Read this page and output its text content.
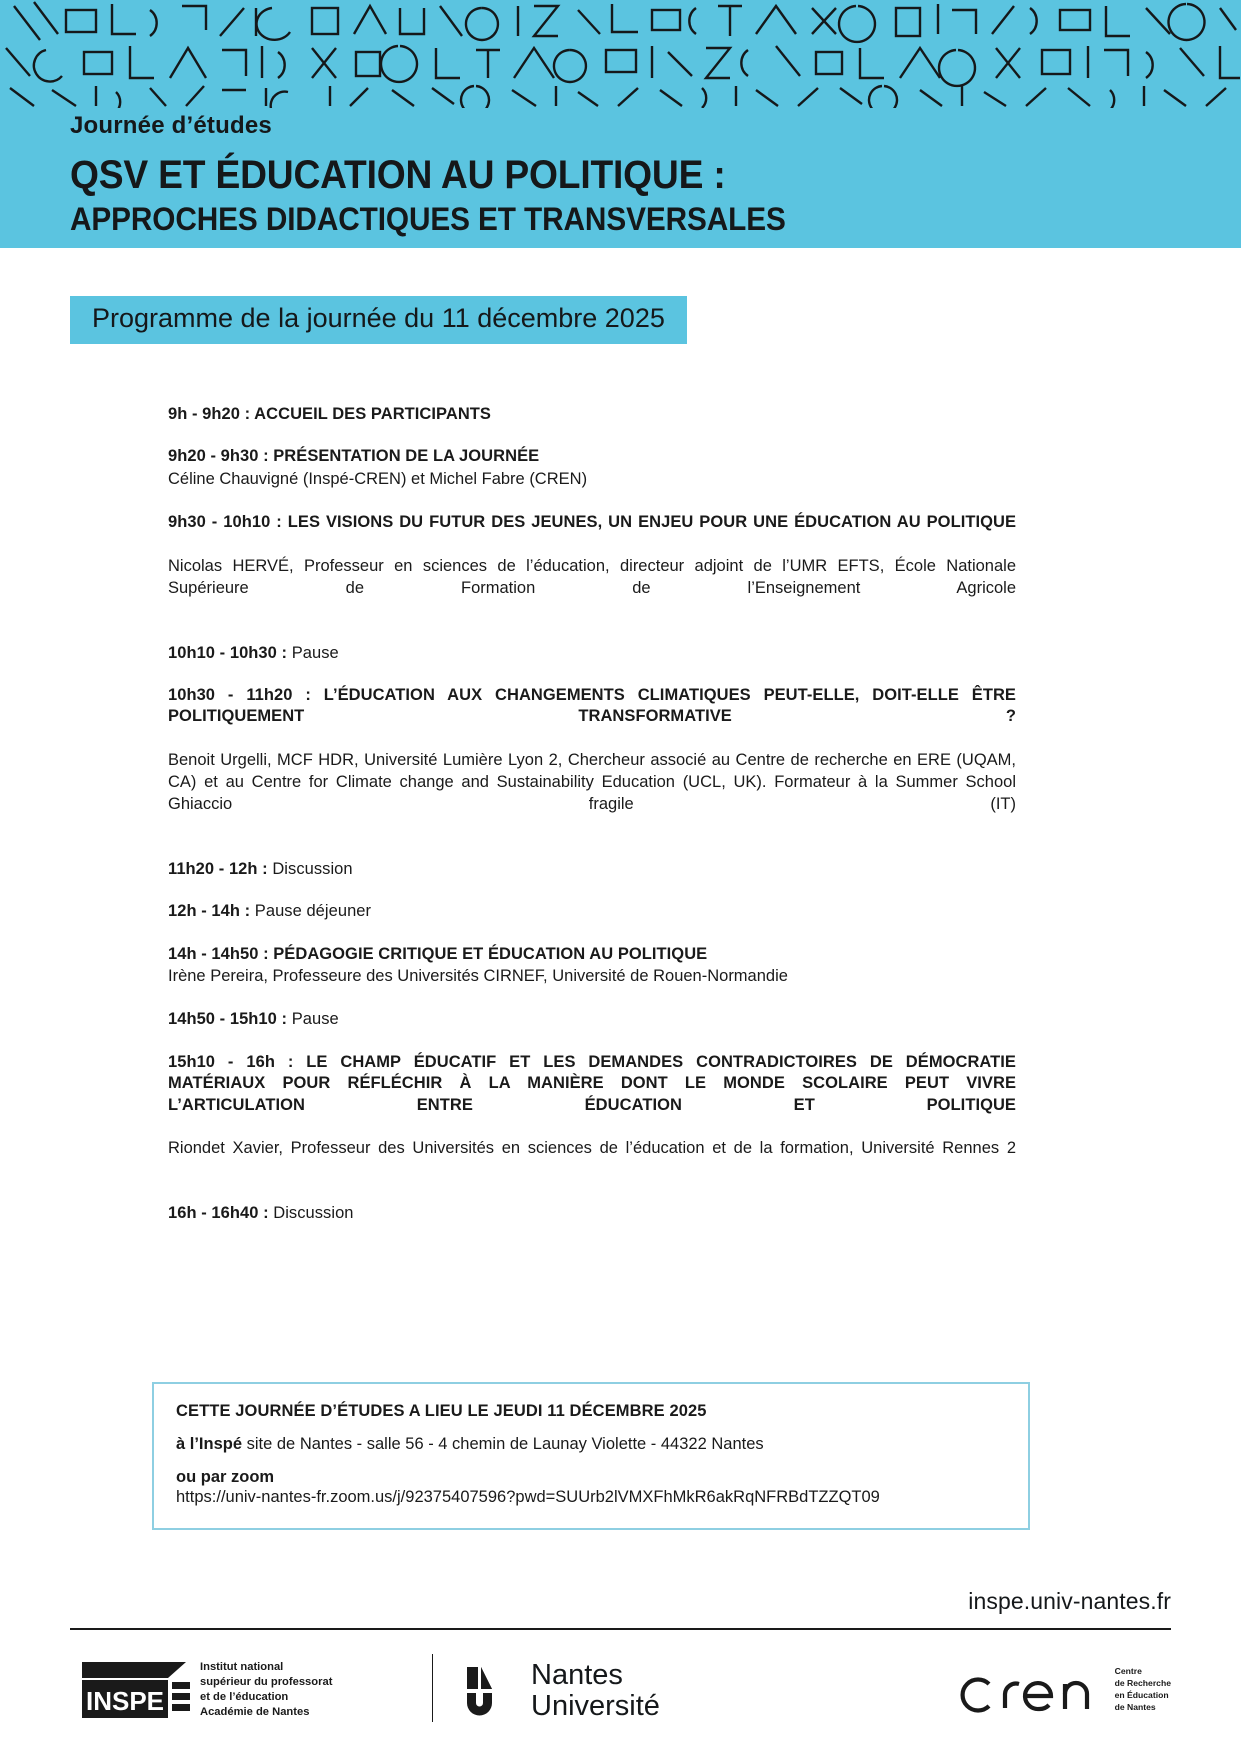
Journée d’études
QSV ET ÉDUCATION AU POLITIQUE :
APPROCHES DIDACTIQUES ET TRANSVERSALES
Programme de la journée du 11 décembre 2025
9h - 9h20 : ACCUEIL DES PARTICIPANTS
9h20 - 9h30 : PRÉSENTATION DE LA JOURNÉE
Céline Chauvigné (Inspé-CREN) et Michel Fabre (CREN)
9h30 - 10h10 : LES VISIONS DU FUTUR DES JEUNES, UN ENJEU POUR UNE ÉDUCATION AU POLITIQUE
Nicolas HERVÉ, Professeur en sciences de l’éducation, directeur adjoint de l’UMR EFTS, École Nationale Supérieure de Formation de l’Enseignement Agricole
10h10 - 10h30 : Pause
10h30 - 11h20 : L’ÉDUCATION AUX CHANGEMENTS CLIMATIQUES PEUT-ELLE, DOIT-ELLE ÊTRE POLITIQUEMENT TRANSFORMATIVE ?
Benoit Urgelli, MCF HDR, Université Lumière Lyon 2, Chercheur associé au Centre de recherche en ERE (UQAM, CA) et au Centre for Climate change and Sustainability Education (UCL, UK). Formateur à la Summer School Ghiaccio fragile (IT)
11h20 - 12h : Discussion
12h - 14h : Pause déjeuner
14h - 14h50 : PÉDAGOGIE CRITIQUE ET ÉDUCATION AU POLITIQUE
Irène Pereira, Professeure des Universités CIRNEF, Université de Rouen-Normandie
14h50 - 15h10 : Pause
15h10 - 16h : LE CHAMP ÉDUCATIF ET LES DEMANDES CONTRADICTOIRES DE DÉMOCRATIE MATÉRIAUX POUR RÉFLÉCHIR À LA MANIÈRE DONT LE MONDE SCOLAIRE PEUT VIVRE L’ARTICULATION ENTRE ÉDUCATION ET POLITIQUE
Riondet Xavier, Professeur des Universités en sciences de l’éducation et de la formation, Université Rennes 2
16h - 16h40 : Discussion
CETTE JOURNÉE D’ÉTUDES A LIEU LE JEUDI 11 DÉCEMBRE 2025
à l’Inspé site de Nantes - salle 56 - 4 chemin de Launay Violette - 44322 Nantes
ou par zoom
https://univ-nantes-fr.zoom.us/j/92375407596?pwd=SUUrb2lVMXFhMkR6akRqNFRBdTZZQT09
inspe.univ-nantes.fr
INSPE
Institut national
supérieur du professorat
et de l’éducation
Académie de Nantes
Nantes
Université
Centre
de Recherche
en Éducation
de Nantes
